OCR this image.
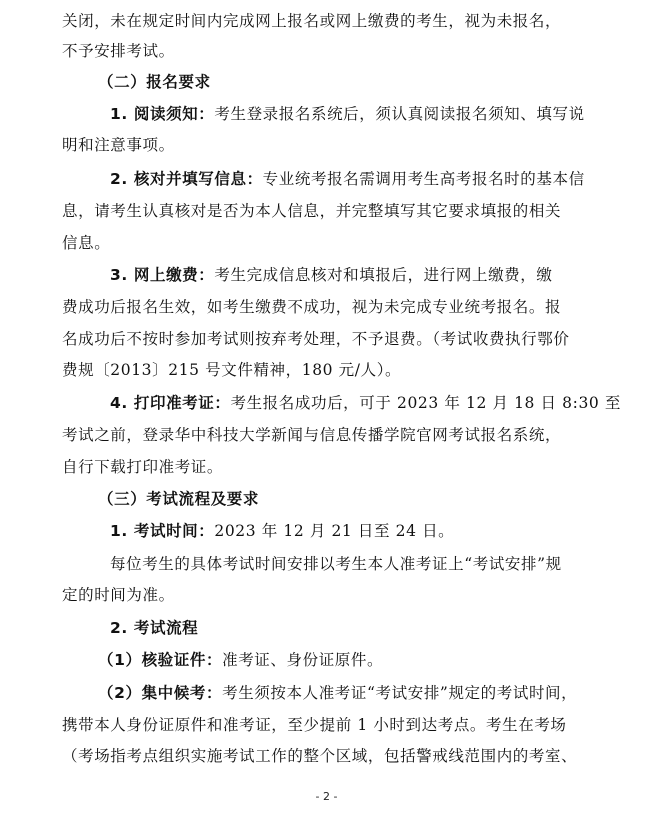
关闭，未在规定时间内完成网上报名或网上缴费的考生，视为未报名，
不予安排考试。
（二）报名要求
1. 阅读须知：考生登录报名系统后，须认真阅读报名须知、填写说
明和注意事项。
2. 核对并填写信息：专业统考报名需调用考生高考报名时的基本信
息，请考生认真核对是否为本人信息，并完整填写其它要求填报的相关
信息。
3. 网上缴费：考生完成信息核对和填报后，进行网上缴费，缴
费成功后报名生效，如考生缴费不成功，视为未完成专业统考报名。报
名成功后不按时参加考试则按弃考处理，不予退费。（考试收费执行鄂价
费规〔2013〕215 号文件精神，180 元/人）。
4. 打印准考证：考生报名成功后，可于 2023 年 12 月 18 日 8:30 至
考试之前，登录华中科技大学新闻与信息传播学院官网考试报名系统，
自行下载打印准考证。
（三）考试流程及要求
1. 考试时间：2023 年 12 月 21 日至 24 日。
每位考生的具体考试时间安排以考生本人准考证上“考试安排”规
定的时间为准。
2. 考试流程
（1）核验证件：准考证、身份证原件。
（2）集中候考：考生须按本人准考证“考试安排”规定的考试时间，
携带本人身份证原件和准考证，至少提前 1 小时到达考点。考生在考场
（考场指考点组织实施考试工作的整个区域，包括警戒线范围内的考室、
- 2 -
